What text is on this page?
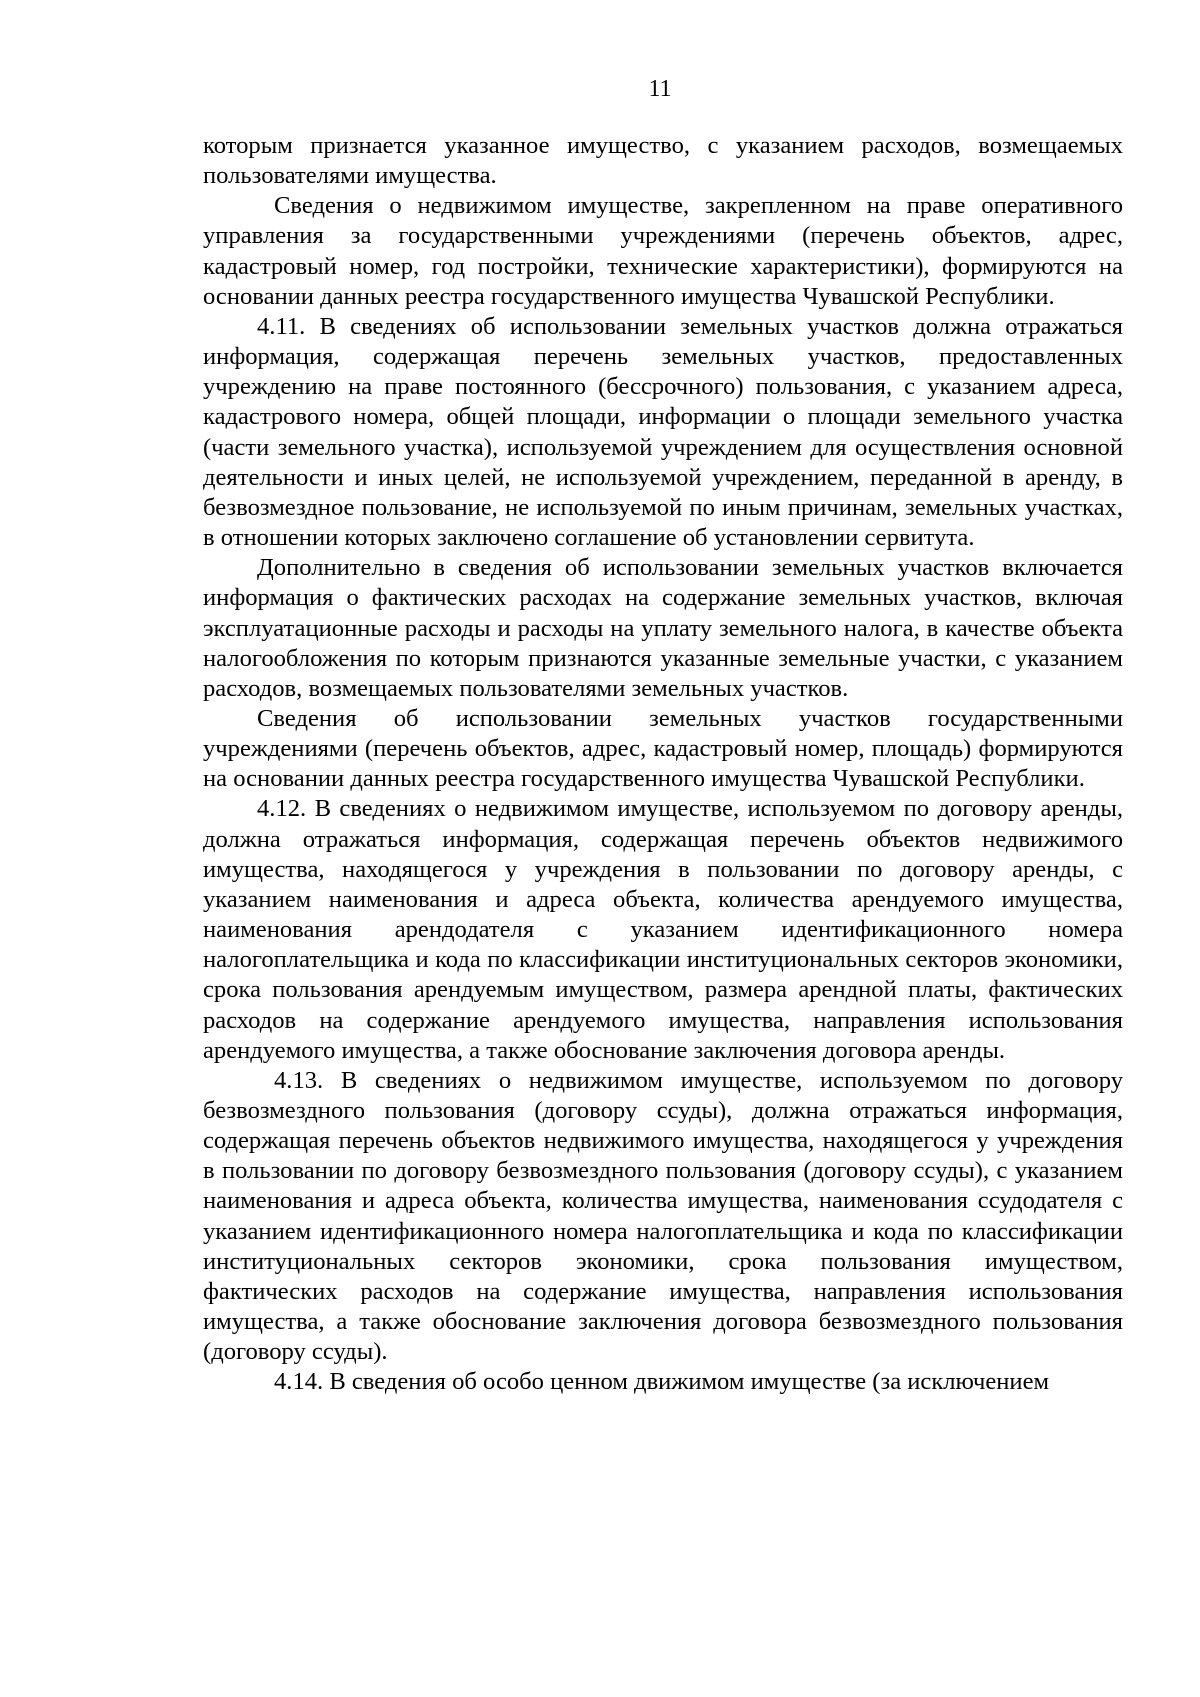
11

которым признается указанное имущество, с указанием расходов, возмещаемых пользователями имущества.

Сведения о недвижимом имуществе, закрепленном на праве оперативного управления за государственными учреждениями (перечень объектов, адрес, кадастровый номер, год постройки, технические характеристики), формируются на основании данных реестра государственного имущества Чувашской Республики.

4.11. В сведениях об использовании земельных участков должна отражаться информация, содержащая перечень земельных участков, предоставленных учреждению на праве постоянного (бессрочного) пользования, с указанием адреса, кадастрового номера, общей площади, информации о площади земельного участка (части земельного участка), используемой учреждением для осуществления основной деятельности и иных целей, не используемой учреждением, переданной в аренду, в безвозмездное пользование, не используемой по иным причинам, земельных участках, в отношении которых заключено соглашение об установлении сервитута.

Дополнительно в сведения об использовании земельных участков включается информация о фактических расходах на содержание земельных участков, включая эксплуатационные расходы и расходы на уплату земельного налога, в качестве объекта налогообложения по которым признаются указанные земельные участки, с указанием расходов, возмещаемых пользователями земельных участков.

Сведения об использовании земельных участков государственными учреждениями (перечень объектов, адрес, кадастровый номер, площадь) формируются на основании данных реестра государственного имущества Чувашской Республики.

4.12. В сведениях о недвижимом имуществе, используемом по договору аренды, должна отражаться информация, содержащая перечень объектов недвижимого имущества, находящегося у учреждения в пользовании по договору аренды, с указанием наименования и адреса объекта, количества арендуемого имущества, наименования арендодателя с указанием идентификационного номера налогоплательщика и кода по классификации институциональных секторов экономики, срока пользования арендуемым имуществом, размера арендной платы, фактических расходов на содержание арендуемого имущества, направления использования арендуемого имущества, а также обоснование заключения договора аренды.

4.13. В сведениях о недвижимом имуществе, используемом по договору безвозмездного пользования (договору ссуды), должна отражаться информация, содержащая перечень объектов недвижимого имущества, находящегося у учреждения в пользовании по договору безвозмездного пользования (договору ссуды), с указанием наименования и адреса объекта, количества имущества, наименования ссудодателя с указанием идентификационного номера налогоплательщика и кода по классификации институциональных секторов экономики, срока пользования имуществом, фактических расходов на содержание имущества, направления использования имущества, а также обоснование заключения договора безвозмездного пользования (договору ссуды).

4.14. В сведения об особо ценном движимом имуществе (за исключением
